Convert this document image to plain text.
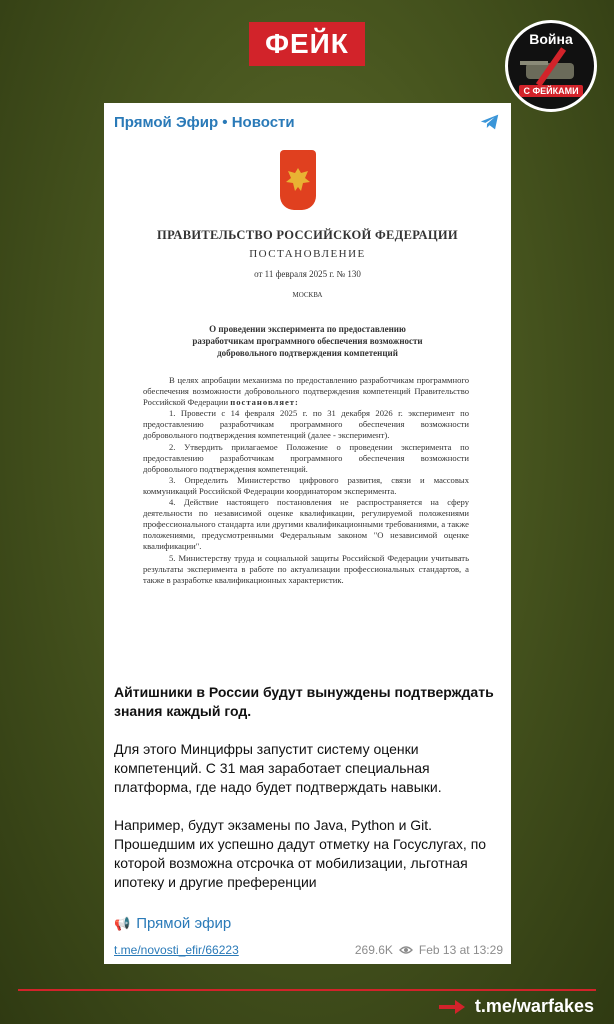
ФЕЙК	Война
С ФЕЙКАМИ
Прямой Эфир • Новости
ПРАВИТЕЛЬСТВО РОССИЙСКОЙ ФЕДЕРАЦИИ
ПОСТАНОВЛЕНИЕ
от 11 февраля 2025 г. № 130
МОСКВА
О проведении эксперимента по предоставлению разработчикам программного обеспечения возможности добровольного подтверждения компетенций

В целях апробации механизма по предоставлению разработчикам программного обеспечения возможности добровольного подтверждения компетенций Правительство Российской Федерации постановляет:

1. Провести с 14 февраля 2025 г. по 31 декабря 2026 г. эксперимент по предоставлению разработчикам программного обеспечения возможности добровольного подтверждения компетенций (далее - эксперимент).

2. Утвердить прилагаемое Положение о проведении эксперимента по предоставлению разработчикам программного обеспечения возможности добровольного подтверждения компетенций.

3. Определить Министерство цифрового развития, связи и массовых коммуникаций Российской Федерации координатором эксперимента.

4. Действие настоящего постановления не распространяется на сферу деятельности по независимой оценке квалификации, регулируемой положениями профессионального стандарта или другими квалификационными требованиями, а также положениями, предусмотренными Федеральным законом "О независимой оценке квалификации".

5. Министерству труда и социальной защиты Российской Федерации учитывать результаты эксперимента в работе по актуализации профессиональных стандартов, а также в разработке квалификационных характеристик.

Айтишники в России будут вынуждены подтверждать знания каждый год.
Для этого Минцифры запустит систему оценки компетенций. С 31 мая заработает специальная платформа, где надо будет подтверждать навыки.
Например, будут экзамены по Java, Python и Git. Прошедшим их успешно дадут отметку на Госуслугах, по которой возможна отсрочка от мобилизации, льготная ипотеку и другие преференции
📢 Прямой эфир
t.me/novosti_efir/66223	269.6K Feb 13 at 13:29
t.me/warfakes
